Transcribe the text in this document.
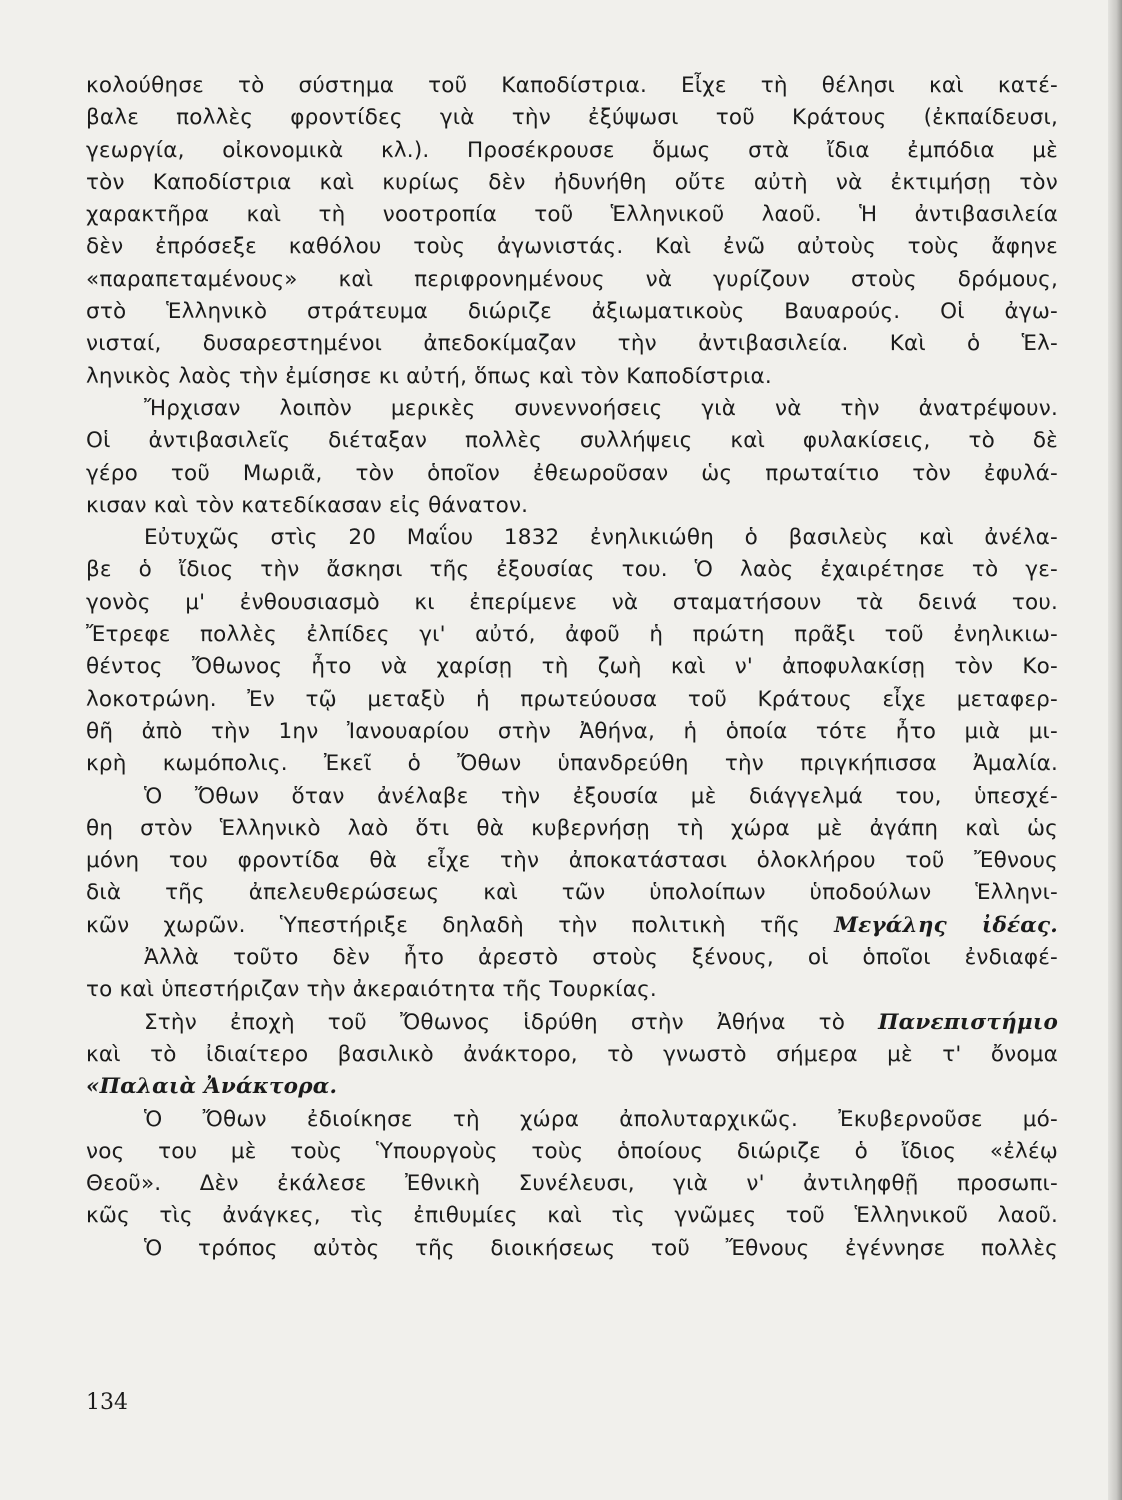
κολούθησε τὸ σύστημα τοῦ Καποδίστρια. Εἶχε τὴ θέλησι καὶ κατέ-
βαλε πολλὲς φροντίδες γιὰ τὴν ἐξύψωσι τοῦ Κράτους (ἐκπαίδευσι,
γεωργία, οἰκονομικὰ κλ.). Προσέκρουσε ὅμως στὰ ἴδια ἐμπόδια μὲ
τὸν Καποδίστρια καὶ κυρίως δὲν ἠδυνήθη οὔτε αὐτὴ νὰ ἐκτιμήσῃ τὸν
χαρακτῆρα καὶ τὴ νοοτροπία τοῦ Ἑλληνικοῦ λαοῦ. Ἡ ἀντιβασιλεία
δὲν ἐπρόσεξε καθόλου τοὺς ἀγωνιστάς. Καὶ ἐνῶ αὐτοὺς τοὺς ἄφηνε
«παραπεταμένους» καὶ περιφρονημένους νὰ γυρίζουν στοὺς δρόμους,
στὸ Ἑλληνικὸ στράτευμα διώριζε ἀξιωματικοὺς Βαυαρούς. Οἱ ἀγω-
νισταί, δυσαρεστημένοι ἀπεδοκίμαζαν τὴν ἀντιβασιλεία. Καὶ ὁ Ἑλ-
ληνικὸς λαὸς τὴν ἐμίσησε κι αὐτή, ὅπως καὶ τὸν Καποδίστρια.
Ἤρχισαν λοιπὸν μερικὲς συνεννοήσεις γιὰ νὰ τὴν ἀνατρέψουν.
Οἱ ἀντιβασιλεῖς διέταξαν πολλὲς συλλήψεις καὶ φυλακίσεις, τὸ δὲ
γέρο τοῦ Μωριᾶ, τὸν ὁποῖον ἐθεωροῦσαν ὡς πρωταίτιο τὸν ἐφυλά-
κισαν καὶ τὸν κατεδίκασαν εἰς θάνατον.
Εὐτυχῶς στὶς 20 Μαΐου 1832 ἐνηλικιώθη ὁ βασιλεὺς καὶ ἀνέλα-
βε ὁ ἴδιος τὴν ἄσκησι τῆς ἐξουσίας του. Ὁ λαὸς ἐχαιρέτησε τὸ γε-
γονὸς μ' ἐνθουσιασμὸ κι ἐπερίμενε νὰ σταματήσουν τὰ δεινά του.
Ἔτρεφε πολλὲς ἐλπίδες γι' αὐτό, ἀφοῦ ἡ πρώτη πρᾶξι τοῦ ἐνηλικιω-
θέντος Ὄθωνος ἦτο νὰ χαρίσῃ τὴ ζωὴ καὶ ν' ἀποφυλακίσῃ τὸν Κο-
λοκοτρώνη. Ἐν τῷ μεταξὺ ἡ πρωτεύουσα τοῦ Κράτους εἶχε μεταφερ-
θῆ ἀπὸ τὴν 1ην Ἰανουαρίου στὴν Ἀθήνα, ἡ ὁποία τότε ἦτο μιὰ μι-
κρὴ κωμόπολις. Ἐκεῖ ὁ Ὄθων ὑπανδρεύθη τὴν πριγκήπισσα Ἀμαλία.
Ὁ Ὄθων ὅταν ἀνέλαβε τὴν ἐξουσία μὲ διάγγελμά του, ὑπεσχέ-
θη στὸν Ἑλληνικὸ λαὸ ὅτι θὰ κυβερνήσῃ τὴ χώρα μὲ ἀγάπη καὶ ὡς
μόνη του φροντίδα θὰ εἶχε τὴν ἀποκατάστασι ὁλοκλήρου τοῦ Ἔθνους
διὰ τῆς ἀπελευθερώσεως καὶ τῶν ὑπολοίπων ὑποδούλων Ἑλληνι-
κῶν χωρῶν. Ὑπεστήριξε δηλαδὴ τὴν πολιτικὴ τῆς Μεγάλης ἰδέας.
Ἀλλὰ τοῦτο δὲν ἦτο ἀρεστὸ στοὺς ξένους, οἱ ὁποῖοι ἐνδιαφέ-
το καὶ ὑπεστήριζαν τὴν ἀκεραιότητα τῆς Τουρκίας.
Στὴν ἐποχὴ τοῦ Ὄθωνος ἱδρύθη στὴν Ἀθήνα τὸ Πανεπιστήμιο
καὶ τὸ ἰδιαίτερο βασιλικὸ ἀνάκτορο, τὸ γνωστὸ σήμερα μὲ τ' ὄνομα
«Παλαιὰ Ἀνάκτορα.
Ὁ Ὄθων ἐδιοίκησε τὴ χώρα ἀπολυταρχικῶς. Ἐκυβερνοῦσε μό-
νος του μὲ τοὺς Ὑπουργοὺς τοὺς ὁποίους διώριζε ὁ ἴδιος «ἐλέῳ
Θεοῦ». Δὲν ἐκάλεσε Ἐθνικὴ Συνέλευσι, γιὰ ν' ἀντιληφθῇ προσωπι-
κῶς τὶς ἀνάγκες, τὶς ἐπιθυμίες καὶ τὶς γνῶμες τοῦ Ἑλληνικοῦ λαοῦ.
Ὁ τρόπος αὐτὸς τῆς διοικήσεως τοῦ Ἔθνους ἐγέννησε πολλὲς
134
